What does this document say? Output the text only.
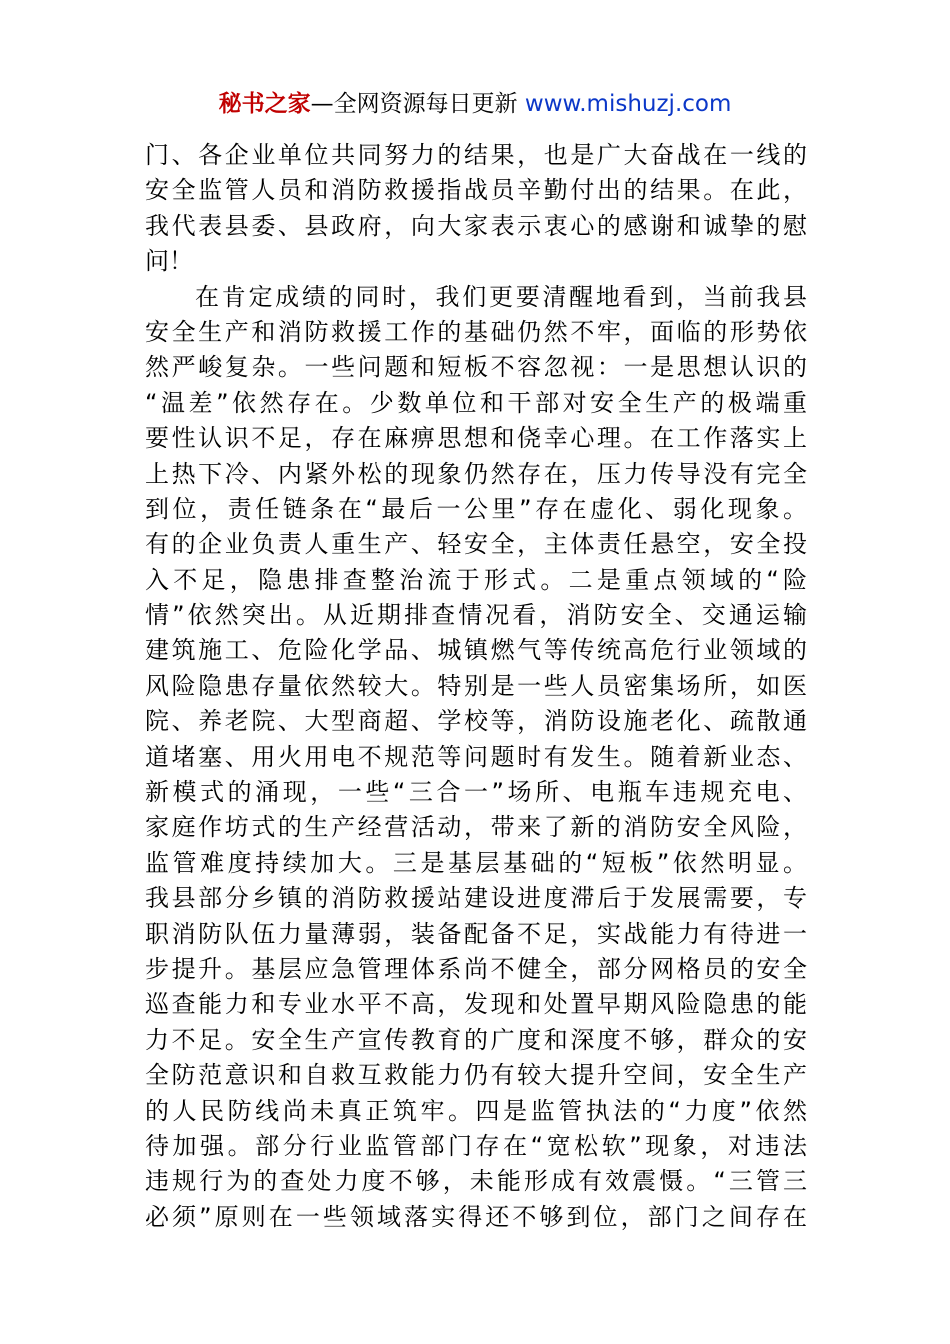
秘书之家—全网资源每日更新 www.mishuzj.com
门、各企业单位共同努力的结果，也是广大奋战在一线的
安全监管人员和消防救援指战员辛勤付出的结果。在此，
我代表县委、县政府，向大家表示衷心的感谢和诚挚的慰
问！
在肯定成绩的同时，我们更要清醒地看到，当前我县
安全生产和消防救援工作的基础仍然不牢，面临的形势依
然严峻复杂。一些问题和短板不容忽视：一是思想认识的
“温差”依然存在。少数单位和干部对安全生产的极端重
要性认识不足，存在麻痹思想和侥幸心理。在工作落实上
上热下冷、内紧外松的现象仍然存在，压力传导没有完全
到位，责任链条在“最后一公里”存在虚化、弱化现象。
有的企业负责人重生产、轻安全，主体责任悬空，安全投
入不足，隐患排查整治流于形式。二是重点领域的“险
情”依然突出。从近期排查情况看，消防安全、交通运输
建筑施工、危险化学品、城镇燃气等传统高危行业领域的
风险隐患存量依然较大。特别是一些人员密集场所，如医
院、养老院、大型商超、学校等，消防设施老化、疏散通
道堵塞、用火用电不规范等问题时有发生。随着新业态、
新模式的涌现，一些“三合一”场所、电瓶车违规充电、
家庭作坊式的生产经营活动，带来了新的消防安全风险，
监管难度持续加大。三是基层基础的“短板”依然明显。
我县部分乡镇的消防救援站建设进度滞后于发展需要，专
职消防队伍力量薄弱，装备配备不足，实战能力有待进一
步提升。基层应急管理体系尚不健全，部分网格员的安全
巡查能力和专业水平不高，发现和处置早期风险隐患的能
力不足。安全生产宣传教育的广度和深度不够，群众的安
全防范意识和自救互救能力仍有较大提升空间，安全生产
的人民防线尚未真正筑牢。四是监管执法的“力度”依然
待加强。部分行业监管部门存在“宽松软”现象，对违法
违规行为的查处力度不够，未能形成有效震慑。“三管三
必须”原则在一些领域落实得还不够到位，部门之间存在
